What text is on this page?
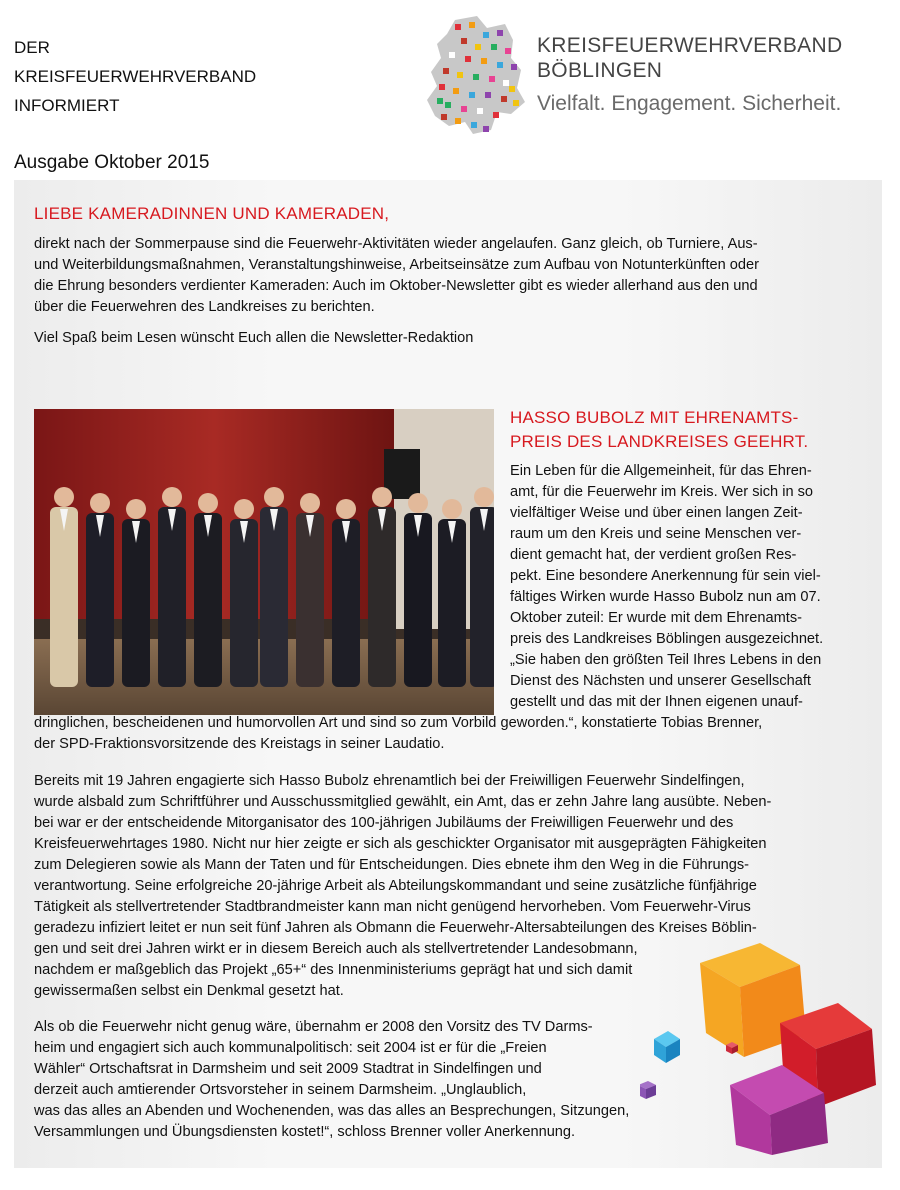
DER
KREISFEUERWEHRVERBAND
INFORMIERT
KREISFEUERWEHRVERBAND
BÖBLINGEN
Vielfalt. Engagement. Sicherheit.
Ausgabe Oktober 2015
LIEBE KAMERADINNEN UND KAMERADEN,

direkt nach der Sommerpause sind die Feuerwehr-Aktivitäten wieder angelaufen. Ganz gleich, ob Turniere, Aus-
und Weiterbildungsmaßnahmen, Veranstaltungshinweise, Arbeitseinsätze zum Aufbau von Notunterkünften oder
die Ehrung besonders verdienter Kameraden: Auch im Oktober-Newsletter gibt es wieder allerhand aus den und
über die Feuerwehren des Landkreises zu berichten.

Viel Spaß beim Lesen wünscht Euch allen die Newsletter-Redaktion

HASSO BUBOLZ MIT EHRENAMTS-
PREIS DES LANDKREISES GEEHRT.
Ein Leben für die Allgemeinheit, für das Ehren-
amt, für die Feuerwehr im Kreis. Wer sich in so
vielfältiger Weise und über einen langen Zeit-
raum um den Kreis und seine Menschen ver-
dient gemacht hat, der verdient großen Res-
pekt. Eine besondere Anerkennung für sein viel-
fältiges Wirken wurde Hasso Bubolz nun am 07.
Oktober zuteil: Er wurde mit dem Ehrenamts-
preis des Landkreises Böblingen ausgezeichnet.
„Sie haben den größten Teil Ihres Lebens in den
Dienst des Nächsten und unserer Gesellschaft
gestellt und das mit der Ihnen eigenen unauf-
dringlichen, bescheidenen und humorvollen Art und sind so zum Vorbild geworden.“, konstatierte Tobias Brenner,
der SPD-Fraktionsvorsitzende des Kreistags in seiner Laudatio.
Bereits mit 19 Jahren engagierte sich Hasso Bubolz ehrenamtlich bei der Freiwilligen Feuerwehr Sindelfingen,
wurde alsbald zum Schriftführer und Ausschussmitglied gewählt, ein Amt, das er zehn Jahre lang ausübte. Neben-
bei war er der entscheidende Mitorganisator des 100-jährigen Jubiläums der Freiwilligen Feuerwehr und des
Kreisfeuerwehrtages 1980. Nicht nur hier zeigte er sich als geschickter Organisator mit ausgeprägten Fähigkeiten
zum Delegieren sowie als Mann der Taten und für Entscheidungen. Dies ebnete ihm den Weg in die Führungs-
verantwortung. Seine erfolgreiche 20-jährige Arbeit als Abteilungskommandant und seine zusätzliche fünfjährige
Tätigkeit als stellvertretender Stadtbrandmeister kann man nicht genügend hervorheben. Vom Feuerwehr-Virus
geradezu infiziert leitet er nun seit fünf Jahren als Obmann die Feuerwehr-Altersabteilungen des Kreises Böblin-
gen und seit drei Jahren wirkt er in diesem Bereich auch als stellvertretender Landesobmann,
nachdem er maßgeblich das Projekt „65+“ des Innenministeriums geprägt hat und sich damit
gewissermaßen selbst ein Denkmal gesetzt hat.
Als ob die Feuerwehr nicht genug wäre, übernahm er 2008 den Vorsitz des TV Darms-
heim und engagiert sich auch kommunalpolitisch: seit 2004 ist er für die „Freien
Wähler“ Ortschaftsrat in Darmsheim und seit 2009 Stadtrat in Sindelfingen und
derzeit auch amtierender Ortsvorsteher in seinem Darmsheim. „Unglaublich,
was das alles an Abenden und Wochenenden, was das alles an Besprechungen, Sitzungen,
Versammlungen und Übungsdiensten kostet!“, schloss Brenner voller Anerkennung.
